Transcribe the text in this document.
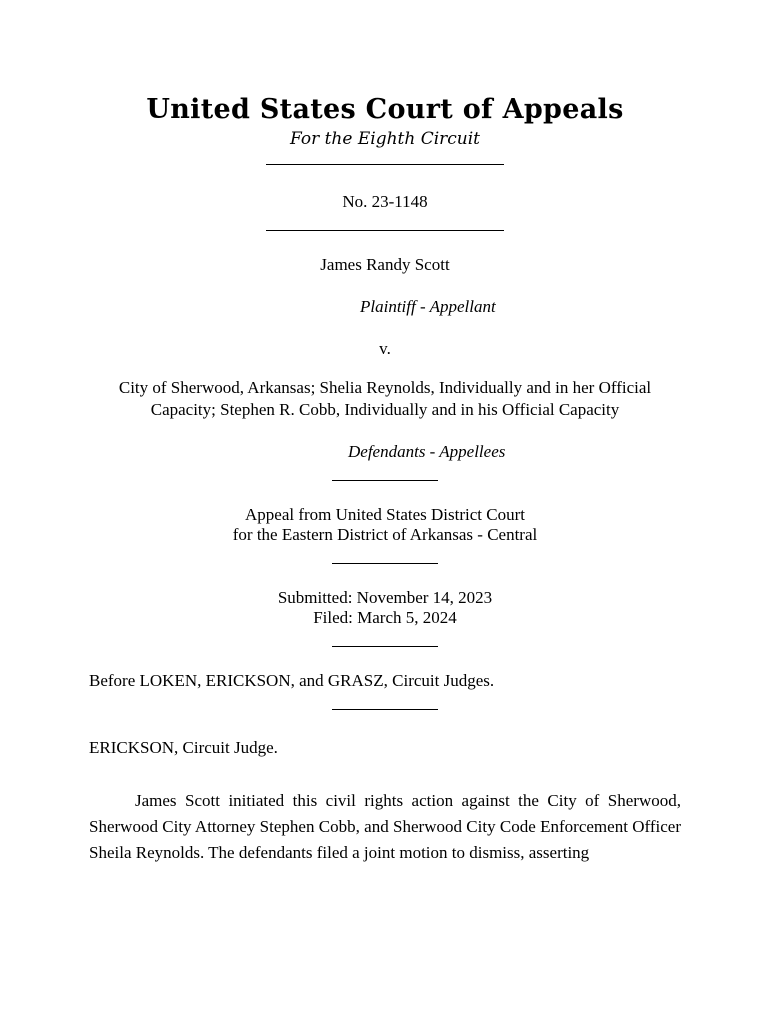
United States Court of Appeals
For the Eighth Circuit
No. 23-1148
James Randy Scott
Plaintiff - Appellant
v.
City of Sherwood, Arkansas; Shelia Reynolds, Individually and in her Official
Capacity; Stephen R. Cobb, Individually and in his Official Capacity
Defendants - Appellees
Appeal from United States District Court
for the Eastern District of Arkansas - Central
Submitted: November 14, 2023
Filed: March 5, 2024
Before LOKEN, ERICKSON, and GRASZ, Circuit Judges.
ERICKSON, Circuit Judge.
James Scott initiated this civil rights action against the City of Sherwood, Sherwood City Attorney Stephen Cobb, and Sherwood City Code Enforcement Officer Sheila Reynolds. The defendants filed a joint motion to dismiss, asserting
